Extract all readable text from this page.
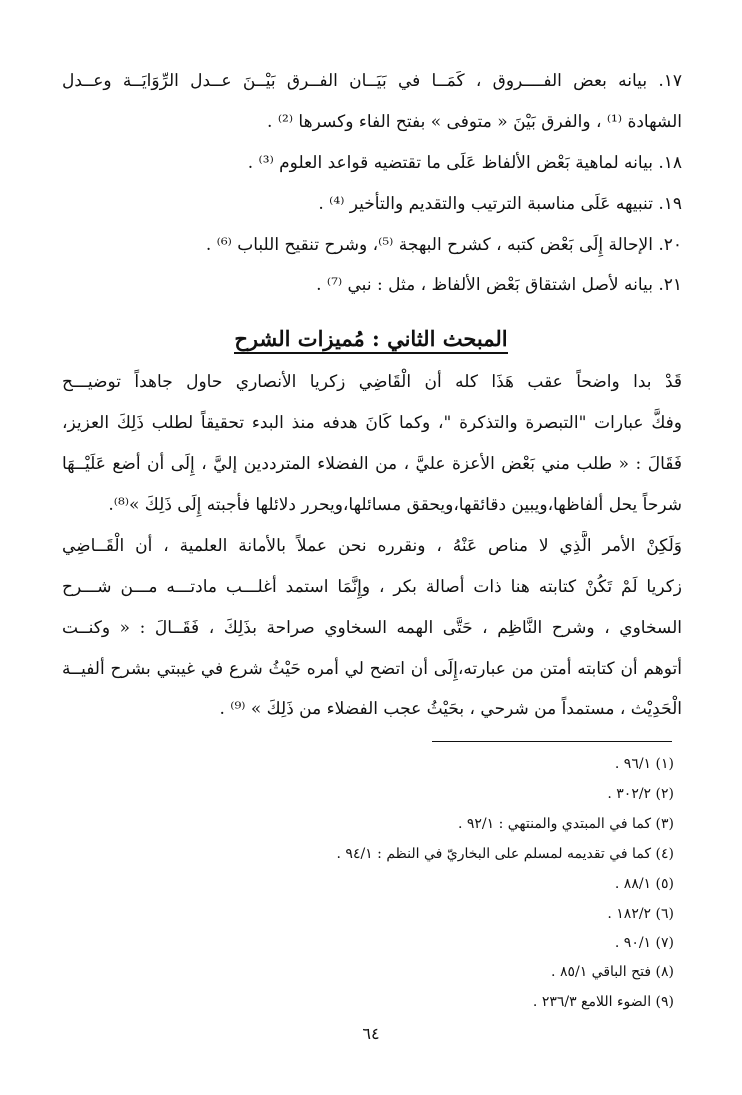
١٧. بيانه بعض الفــــروق ، كَمَــا في بَيَــان الفــرق بَيْــنَ عــدل الرِّوَايَــة وعــدل
الشهادة ⁽¹⁾ ، والفرق بَيْنَ « متوفى » بفتح الفاء وكسرها ⁽²⁾ .
١٨. بيانه لماهية بَعْض الألفاظ عَلَى ما تقتضيه قواعد العلوم ⁽³⁾ .
١٩. تنبيهه عَلَى مناسبة الترتيب والتقديم والتأخير ⁽⁴⁾ .
٢٠. الإحالة إِلَى بَعْض كتبه ، كشرح البهجة ⁽⁵⁾، وشرح تنقيح اللباب ⁽⁶⁾ .
٢١. بيانه لأصل اشتقاق بَعْض الألفاظ ، مثل : نبي ⁽⁷⁾ .
المبحث الثاني : مُميزات الشرح
قَدْ بدا واضحاً عقب هَذَا كله أن الْقَاضِي زكريا الأنصاري حاول جاهداً توضيـــح
وفكَّ عبارات "التبصرة والتذكرة "، وكما كَانَ هدفه منذ البدء تحقيقاً لطلب ذَلِكَ العزيز،
فَقَالَ : « طلب مني بَعْض الأعزة عليَّ ، من الفضلاء المترددين إليَّ ، إِلَى أن أضع عَلَيْــهَا
شرحاً يحل ألفاظها،ويبين دقائقها،ويحقق مسائلها،ويحرر دلائلها فأجبته إِلَى ذَلِكَ »⁽⁸⁾.
وَلَكِنْ الأمر الَّذِي لا مناص عَنْهُ ، ونقرره نحن عملاً بالأمانة العلمية ، أن الْقَــاضِي
زكريا لَمْ تَكُنْ كتابته هنا ذات أصالة بكر ، وإِنَّمَا استمد أغلـــب مادتـــه مـــن شـــرح
السخاوي ، وشرح النَّاظِم ، حَتَّى الهمه السخاوي صراحة بذَلِكَ ، فَقَــالَ : « وكنــت
أتوهم أن كتابته أمتن من عبارته،إِلَى أن اتضح لي أمره حَيْثُ شرع في غيبتي بشرح ألفيــة
الْحَدِيْث ، مستمداً من شرحي ، بحَيْثُ عجب الفضلاء من ذَلِكَ » ⁽⁹⁾ .
(١) ٩٦/١ .
(٢) ٣٠٢/٢ .
(٣) كما في المبتدي والمنتهي : ٩٢/١ .
(٤) كما في تقديمه لمسلم على البخاريّ في النظم : ٩٤/١ .
(٥) ٨٨/١ .
(٦) ١٨٢/٢ .
(٧) ٩٠/١ .
(٨) فتح الباقي ٨٥/١ .
(٩) الضوء اللامع ٢٣٦/٣ .
٦٤
